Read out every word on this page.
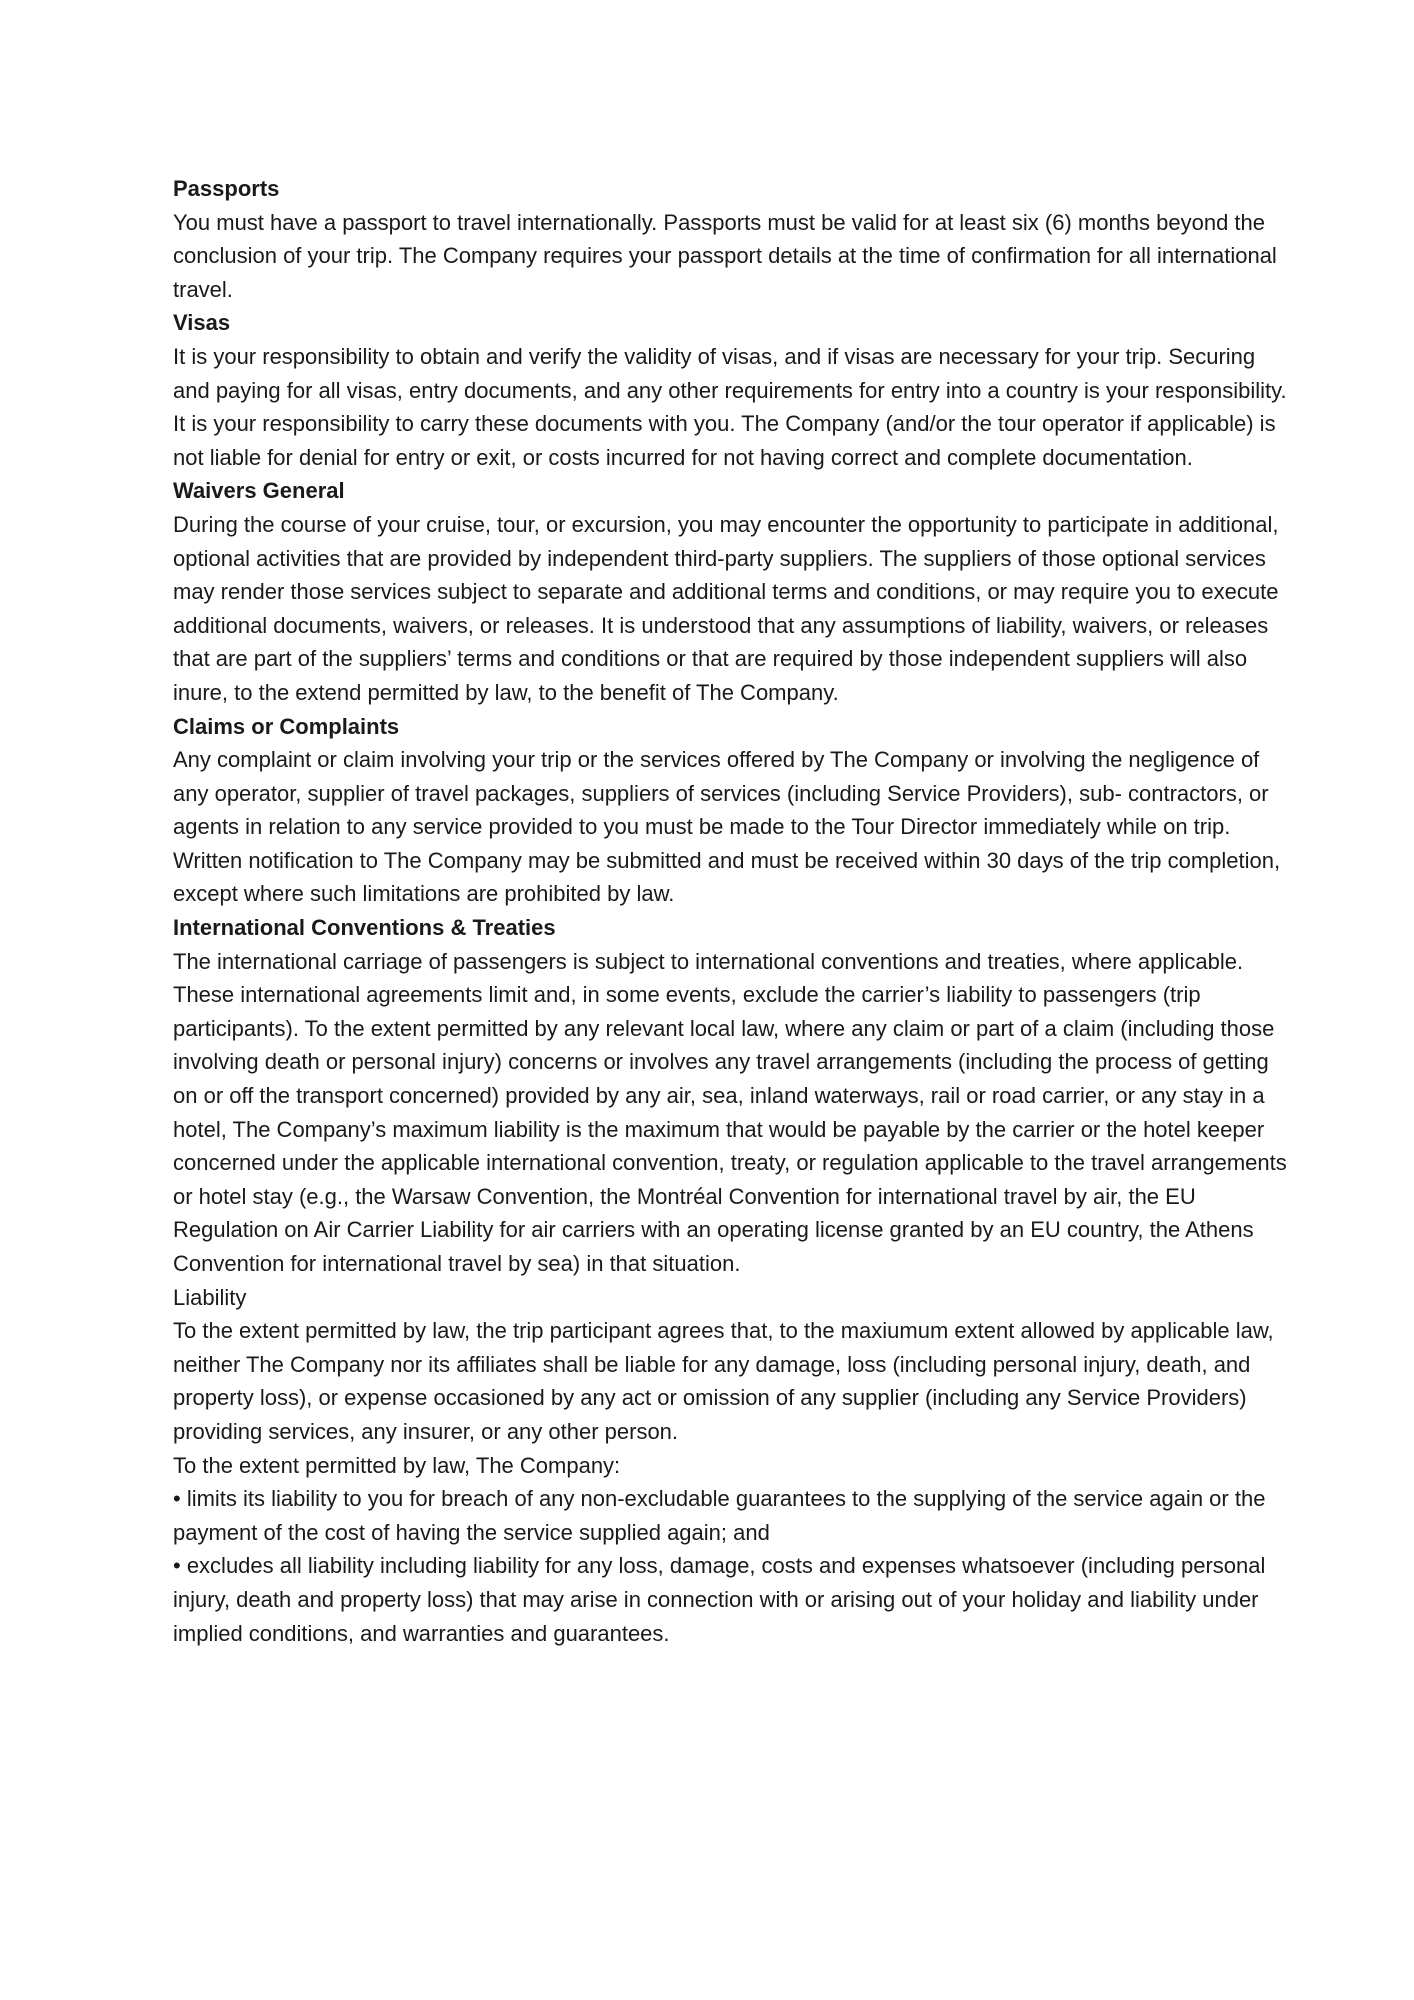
Passports

You must have a passport to travel internationally. Passports must be valid for at least six (6) months beyond the conclusion of your trip. The Company requires your passport details at the time of confirmation for all international travel.

Visas

It is your responsibility to obtain and verify the validity of visas, and if visas are necessary for your trip. Securing and paying for all visas, entry documents, and any other requirements for entry into a country is your responsibility. It is your responsibility to carry these documents with you. The Company (and/or the tour operator if applicable) is not liable for denial for entry or exit, or costs incurred for not having correct and complete documentation.

Waivers General

During the course of your cruise, tour, or excursion, you may encounter the opportunity to participate in additional, optional activities that are provided by independent third-party suppliers. The suppliers of those optional services may render those services subject to separate and additional terms and conditions, or may require you to execute additional documents, waivers, or releases. It is understood that any assumptions of liability, waivers, or releases that are part of the suppliers’ terms and conditions or that are required by those independent suppliers will also inure, to the extend permitted by law, to the benefit of The Company.

Claims or Complaints

Any complaint or claim involving your trip or the services offered by The Company or involving the negligence of any operator, supplier of travel packages, suppliers of services (including Service Providers), sub- contractors, or agents in relation to any service provided to you must be made to the Tour Director immediately while on trip.

Written notification to The Company may be submitted and must be received within 30 days of the trip completion, except where such limitations are prohibited by law.

International Conventions & Treaties

The international carriage of passengers is subject to international conventions and treaties, where applicable. These international agreements limit and, in some events, exclude the carrier’s liability to passengers (trip participants). To the extent permitted by any relevant local law, where any claim or part of a claim (including those involving death or personal injury) concerns or involves any travel arrangements (including the process of getting on or off the transport concerned) provided by any air, sea, inland waterways, rail or road carrier, or any stay in a hotel, The Company’s maximum liability is the maximum that would be payable by the carrier or the hotel keeper concerned under the applicable international convention, treaty, or regulation applicable to the travel arrangements or hotel stay (e.g., the Warsaw Convention, the Montréal Convention for international travel by air, the EU Regulation on Air Carrier Liability for air carriers with an operating license granted by an EU country, the Athens Convention for international travel by sea) in that situation.

Liability

To the extent permitted by law, the trip participant agrees that, to the maxiumum extent allowed by applicable law, neither The Company nor its affiliates shall be liable for any damage, loss (including personal injury, death, and property loss), or expense occasioned by any act or omission of any supplier (including any Service Providers) providing services, any insurer, or any other person.

To the extent permitted by law, The Company:

• limits its liability to you for breach of any non-excludable guarantees to the supplying of the service again or the payment of the cost of having the service supplied again; and

• excludes all liability including liability for any loss, damage, costs and expenses whatsoever (including personal injury, death and property loss) that may arise in connection with or arising out of your holiday and liability under implied conditions, and warranties and guarantees.
